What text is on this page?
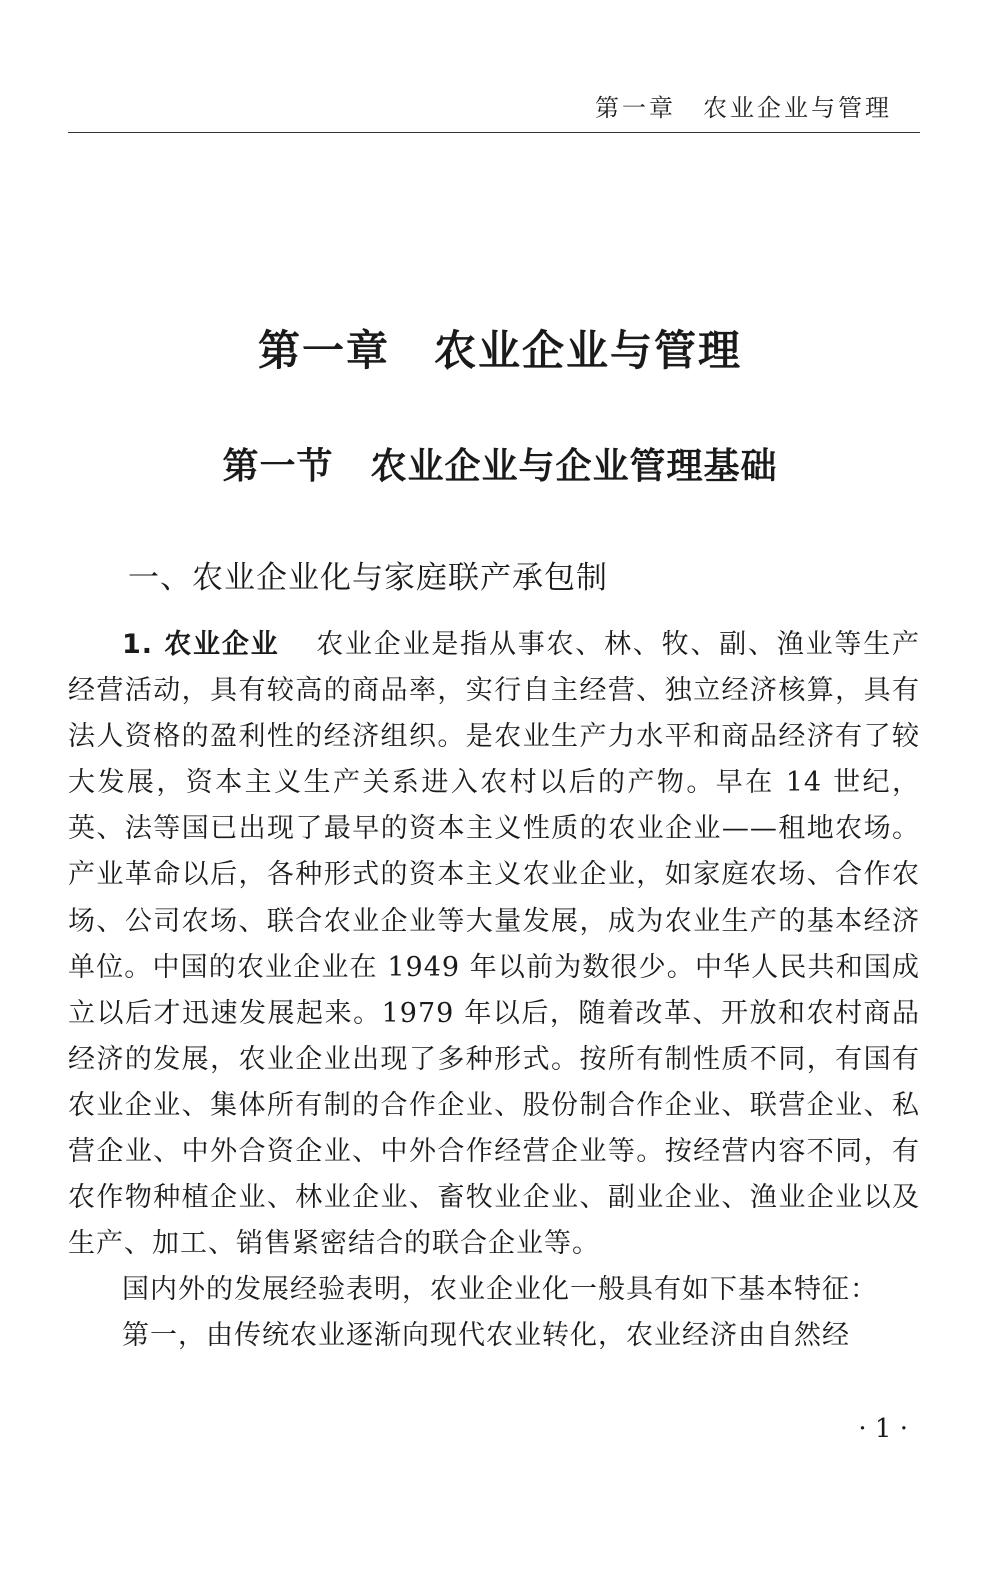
第一章　农业企业与管理
第一章　农业企业与管理
第一节　农业企业与企业管理基础
一、农业企业化与家庭联产承包制

1. 农业企业 农业企业是指从事农、林、牧、副、渔业等生产经营活动，具有较高的商品率，实行自主经营、独立经济核算，具有法人资格的盈利性的经济组织。是农业生产力水平和商品经济有了较大发展，资本主义生产关系进入农村以后的产物。早在 14 世纪，英、法等国已出现了最早的资本主义性质的农业企业——租地农场。产业革命以后，各种形式的资本主义农业企业，如家庭农场、合作农场、公司农场、联合农业企业等大量发展，成为农业生产的基本经济单位。中国的农业企业在 1949 年以前为数很少。中华人民共和国成立以后才迅速发展起来。1979 年以后，随着改革、开放和农村商品经济的发展，农业企业出现了多种形式。按所有制性质不同，有国有农业企业、集体所有制的合作企业、股份制合作企业、联营企业、私营企业、中外合资企业、中外合作经营企业等。按经营内容不同，有农作物种植企业、林业企业、畜牧业企业、副业企业、渔业企业以及生产、加工、销售紧密结合的联合企业等。

国内外的发展经验表明，农业企业化一般具有如下基本特征：

第一，由传统农业逐渐向现代农业转化，农业经济由自然经

· 1 ·
